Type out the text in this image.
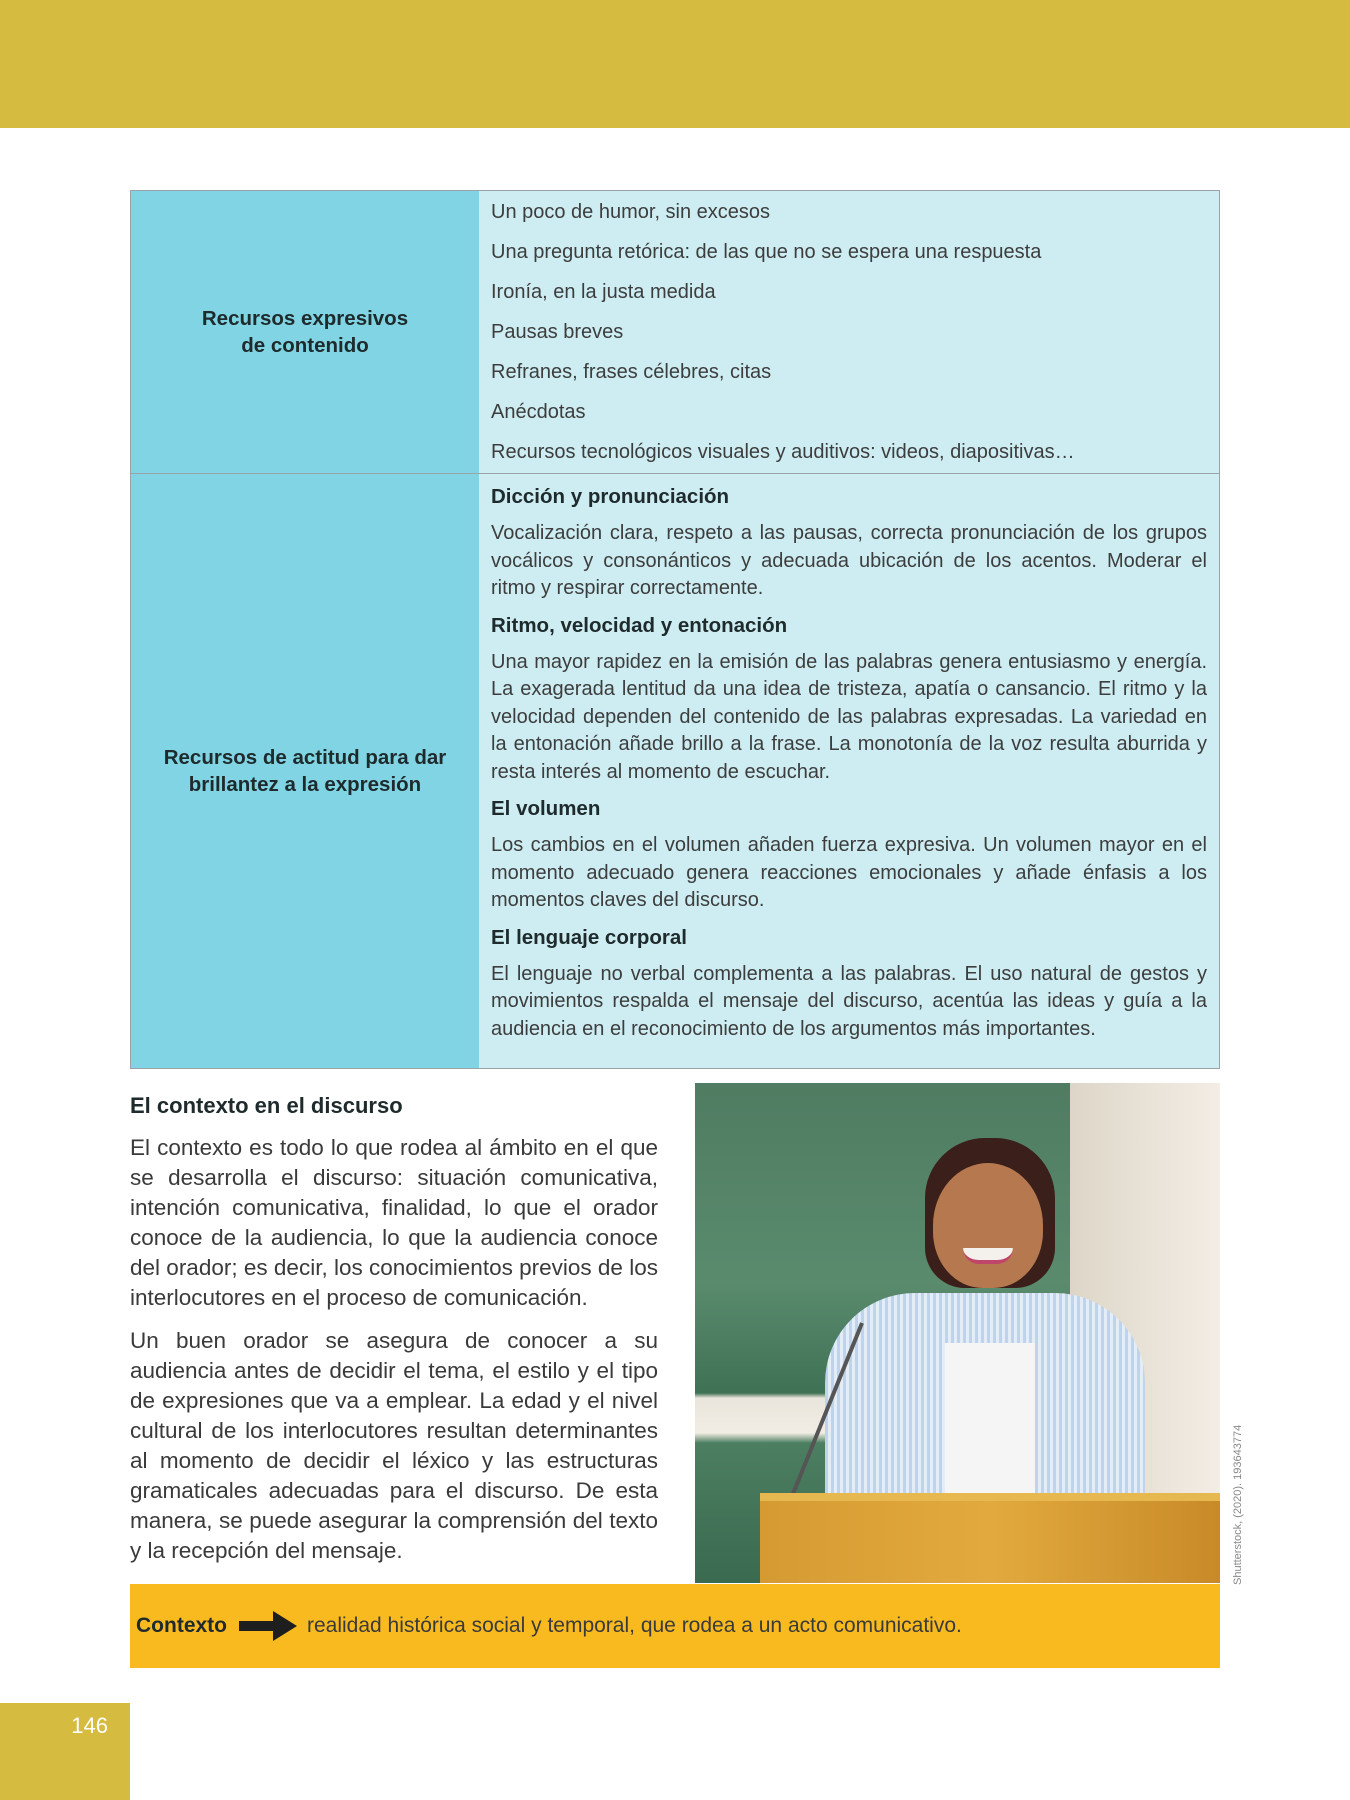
Recursos expresivos
de contenido
Un poco de humor, sin excesos
Una pregunta retórica: de las que no se espera una respuesta
Ironía, en la justa medida
Pausas breves
Refranes, frases célebres, citas
Anécdotas
Recursos tecnológicos visuales y auditivos: videos, diapositivas…
Recursos de actitud para dar
brillantez a la expresión
Dicción y pronunciación
Vocalización clara, respeto a las pausas, correcta pronunciación de los grupos vocálicos y consonánticos y adecuada ubicación de los acentos. Moderar el ritmo y respirar correctamente.
Ritmo, velocidad y entonación
Una mayor rapidez en la emisión de las palabras genera entusiasmo y energía. La exagerada lentitud da una idea de tristeza, apatía o cansancio. El ritmo y la velocidad dependen del contenido de las palabras expresadas. La variedad en la entonación añade brillo a la frase. La monotonía de la voz resulta aburrida y resta interés al momento de escuchar.
El volumen
Los cambios en el volumen añaden fuerza expresiva. Un volumen mayor en el momento adecuado genera reacciones emocionales y añade énfasis a los momentos claves del discurso.
El lenguaje corporal
El lenguaje no verbal complementa a las palabras. El uso natural de gestos y movimientos respalda el mensaje del discurso, acentúa las ideas y guía a la audiencia en el reconocimiento de los argumentos más importantes.
El contexto en el discurso

El contexto es todo lo que rodea al ámbito en el que se desarrolla el discurso: situación comunicativa, intención comunicativa, finalidad, lo que el orador conoce de la audiencia, lo que la audiencia conoce del orador; es decir, los conocimientos previos de los interlocutores en el proceso de comunicación.

Un buen orador se asegura de conocer a su audiencia antes de decidir el tema, el estilo y el tipo de expresiones que va a emplear. La edad y el nivel cultural de los interlocutores resultan determinantes al momento de decidir el léxico y las estructuras gramaticales adecuadas para el discurso. De esta manera, se puede asegurar la comprensión del texto y la recepción del mensaje.	Shutterstock, (2020). 193643774
Contexto	realidad histórica social y temporal, que rodea a un acto comunicativo.
146
